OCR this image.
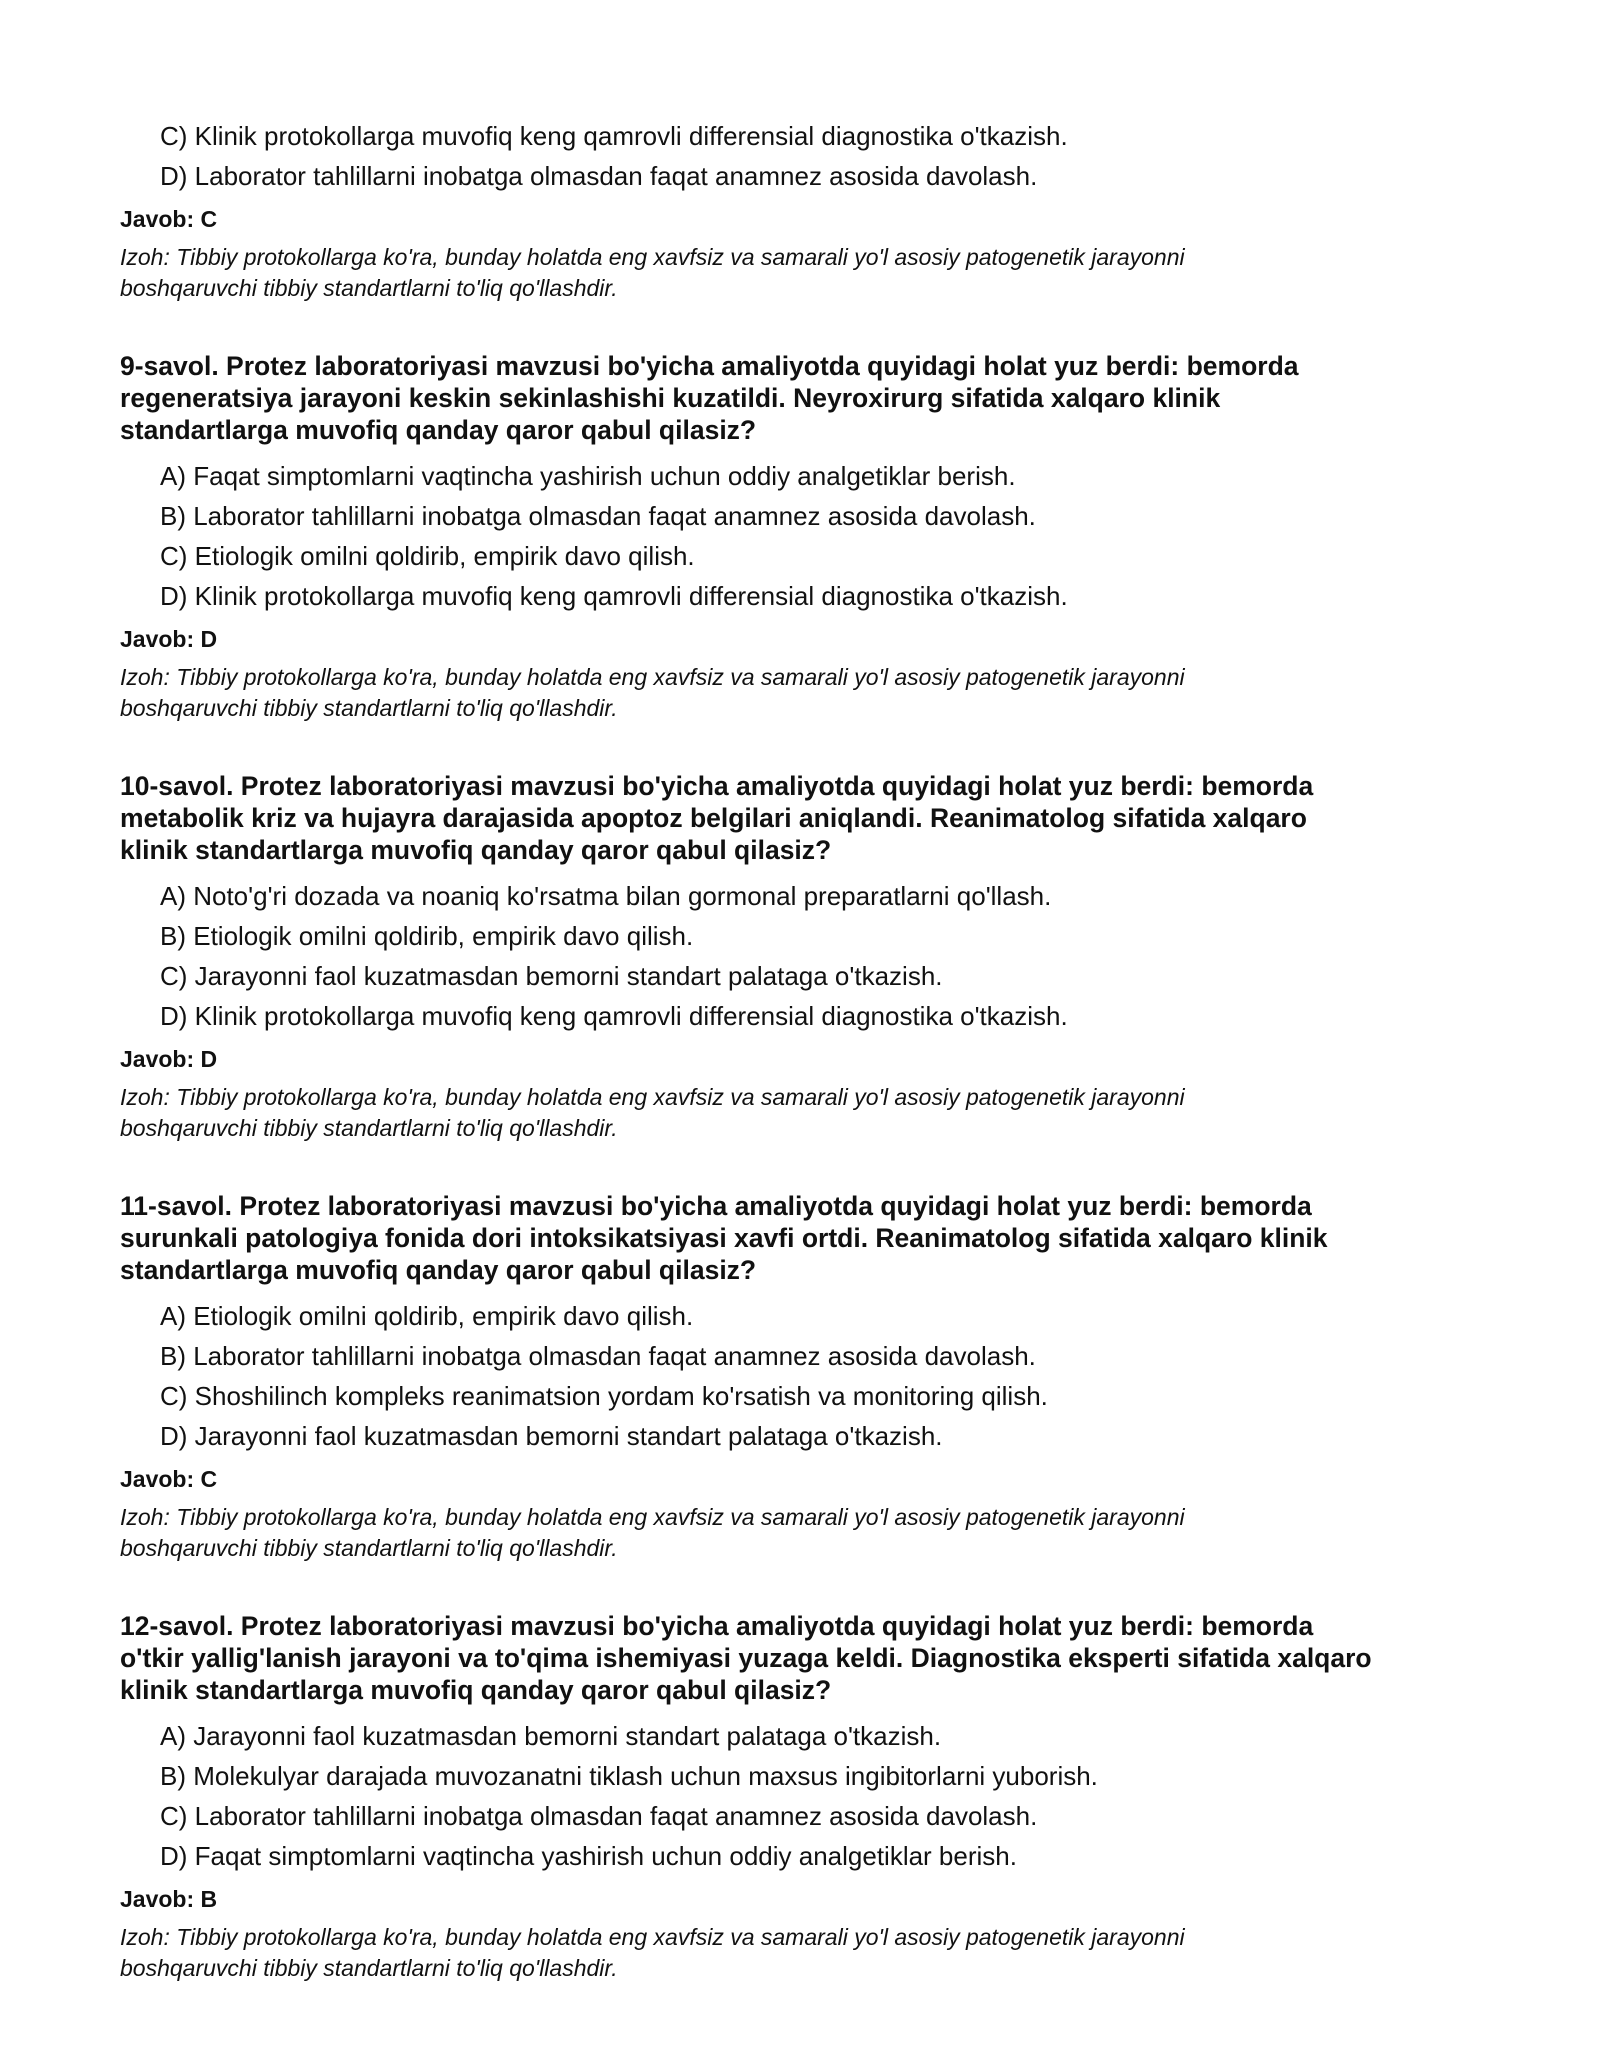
C) Klinik protokollarga muvofiq keng qamrovli differensial diagnostika o'tkazish.
D) Laborator tahlillarni inobatga olmasdan faqat anamnez asosida davolash.
Javob: C
Izoh: Tibbiy protokollarga ko'ra, bunday holatda eng xavfsiz va samarali yo'l asosiy patogenetik jarayonni
boshqaruvchi tibbiy standartlarni to'liq qo'llashdir.
9-savol. Protez laboratoriyasi mavzusi bo'yicha amaliyotda quyidagi holat yuz berdi: bemorda
regeneratsiya jarayoni keskin sekinlashishi kuzatildi. Neyroxirurg sifatida xalqaro klinik
standartlarga muvofiq qanday qaror qabul qilasiz?
A) Faqat simptomlarni vaqtincha yashirish uchun oddiy analgetiklar berish.
B) Laborator tahlillarni inobatga olmasdan faqat anamnez asosida davolash.
C) Etiologik omilni qoldirib, empirik davo qilish.
D) Klinik protokollarga muvofiq keng qamrovli differensial diagnostika o'tkazish.
Javob: D
Izoh: Tibbiy protokollarga ko'ra, bunday holatda eng xavfsiz va samarali yo'l asosiy patogenetik jarayonni
boshqaruvchi tibbiy standartlarni to'liq qo'llashdir.
10-savol. Protez laboratoriyasi mavzusi bo'yicha amaliyotda quyidagi holat yuz berdi: bemorda
metabolik kriz va hujayra darajasida apoptoz belgilari aniqlandi. Reanimatolog sifatida xalqaro
klinik standartlarga muvofiq qanday qaror qabul qilasiz?
A) Noto'g'ri dozada va noaniq ko'rsatma bilan gormonal preparatlarni qo'llash.
B) Etiologik omilni qoldirib, empirik davo qilish.
C) Jarayonni faol kuzatmasdan bemorni standart palataga o'tkazish.
D) Klinik protokollarga muvofiq keng qamrovli differensial diagnostika o'tkazish.
Javob: D
Izoh: Tibbiy protokollarga ko'ra, bunday holatda eng xavfsiz va samarali yo'l asosiy patogenetik jarayonni
boshqaruvchi tibbiy standartlarni to'liq qo'llashdir.
11-savol. Protez laboratoriyasi mavzusi bo'yicha amaliyotda quyidagi holat yuz berdi: bemorda
surunkali patologiya fonida dori intoksikatsiyasi xavfi ortdi. Reanimatolog sifatida xalqaro klinik
standartlarga muvofiq qanday qaror qabul qilasiz?
A) Etiologik omilni qoldirib, empirik davo qilish.
B) Laborator tahlillarni inobatga olmasdan faqat anamnez asosida davolash.
C) Shoshilinch kompleks reanimatsion yordam ko'rsatish va monitoring qilish.
D) Jarayonni faol kuzatmasdan bemorni standart palataga o'tkazish.
Javob: C
Izoh: Tibbiy protokollarga ko'ra, bunday holatda eng xavfsiz va samarali yo'l asosiy patogenetik jarayonni
boshqaruvchi tibbiy standartlarni to'liq qo'llashdir.
12-savol. Protez laboratoriyasi mavzusi bo'yicha amaliyotda quyidagi holat yuz berdi: bemorda
o'tkir yallig'lanish jarayoni va to'qima ishemiyasi yuzaga keldi. Diagnostika eksperti sifatida xalqaro
klinik standartlarga muvofiq qanday qaror qabul qilasiz?
A) Jarayonni faol kuzatmasdan bemorni standart palataga o'tkazish.
B) Molekulyar darajada muvozanatni tiklash uchun maxsus ingibitorlarni yuborish.
C) Laborator tahlillarni inobatga olmasdan faqat anamnez asosida davolash.
D) Faqat simptomlarni vaqtincha yashirish uchun oddiy analgetiklar berish.
Javob: B
Izoh: Tibbiy protokollarga ko'ra, bunday holatda eng xavfsiz va samarali yo'l asosiy patogenetik jarayonni
boshqaruvchi tibbiy standartlarni to'liq qo'llashdir.
